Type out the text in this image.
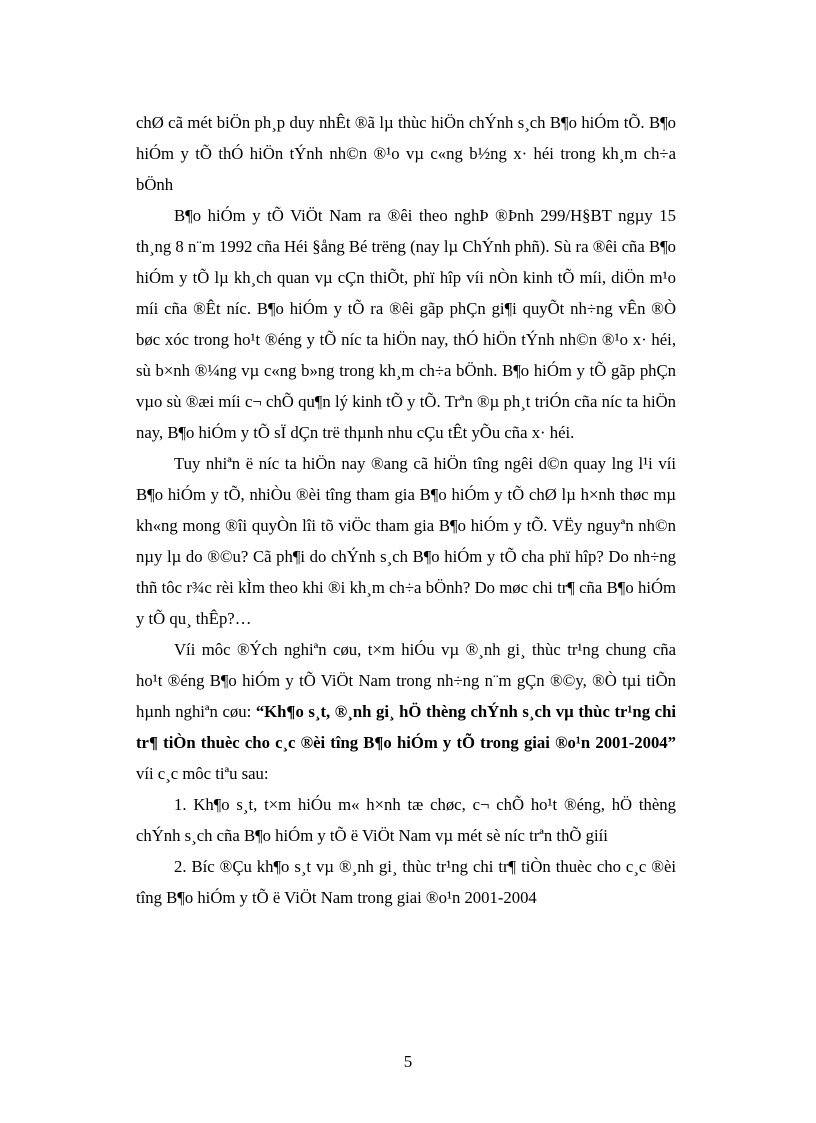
chØ cã mét biÖn ph¸p duy nhÊt ®ã lµ thùc hiÖn chÝnh s¸ch B¶o hiÓm tÕ. B¶o hiÓm y tÕ thÓ hiÖn tÝnh nh©n ®¹o vµ c«ng b½ng x· héi trong kh¸m ch÷a bÖnh

B¶o hiÓm y tÕ ViÖt Nam ra ®êi theo nghÞ ®Þnh 299/H§BT ngµy 15 th¸ng 8 n¨m 1992 cña Héi §ång Bé trëng (nay lµ ChÝnh phñ). Sù ra ®êi cña B¶o hiÓm y tÕ lµ kh¸ch quan vµ cÇn thiÕt, phï hîp víi nÒn kinh tÕ míi, diÖn m¹o míi cña ®Êt níc. B¶o hiÓm y tÕ ra ®êi gãp phÇn gi¶i quyÕt nh÷ng vÊn ®Ò bøc xóc trong ho¹t ®éng y tÕ níc ta hiÖn nay, thÓ hiÖn tÝnh nh©n ®¹o x· héi, sù b×nh ®¼ng vµ c«ng b»ng trong kh¸m ch÷a bÖnh. B¶o hiÓm y tÕ gãp phÇn vµo sù ®æi míi c¬ chÕ qu¶n lý kinh tÕ y tÕ. Trªn ®µ ph¸t triÓn cña níc ta hiÖn nay, B¶o hiÓm y tÕ sÏ dÇn trë thµnh nhu cÇu tÊt yÕu cña x· héi.

Tuy nhiªn ë níc ta hiÖn nay ®ang cã hiÖn tîng ngêi d©n quay lng l¹i víi B¶o hiÓm y tÕ, nhiÒu ®èi tîng tham gia B¶o hiÓm y tÕ chØ lµ h×nh thøc mµ kh«ng mong ®îi quyÒn lîi tõ viÖc tham gia B¶o hiÓm y tÕ. VËy nguyªn nh©n nµy lµ do ®©u? Cã ph¶i do chÝnh s¸ch B¶o hiÓm y tÕ cha phï hîp? Do nh÷ng thñ tôc r¾c rèi kÌm theo khi ®i kh¸m ch÷a bÖnh? Do møc chi tr¶ cña B¶o hiÓm y tÕ qu¸ thÊp?…

Víi môc ®Ých nghiªn cøu, t×m hiÓu vµ ®¸nh gi¸ thùc tr¹ng chung cña ho¹t ®éng B¶o hiÓm y tÕ ViÖt Nam trong nh÷ng n¨m gÇn ®©y, ®Ò tµi tiÕn hµnh nghiªn cøu: “Kh¶o s¸t, ®¸nh gi¸ hÖ thèng chÝnh s¸ch vµ thùc tr¹ng chi tr¶ tiÒn thuèc cho c¸c ®èi tîng B¶o hiÓm y tÕ trong giai ®o¹n 2001-2004” víi c¸c môc tiªu sau:

1. Kh¶o s¸t, t×m hiÓu m« h×nh tæ chøc, c¬ chÕ ho¹t ®éng, hÖ thèng chÝnh s¸ch cña B¶o hiÓm y tÕ ë ViÖt Nam vµ mét sè níc trªn thÕ giíi

2. Bíc ®Çu kh¶o s¸t vµ ®¸nh gi¸ thùc tr¹ng chi tr¶ tiÒn thuèc cho c¸c ®èi tîng B¶o hiÓm y tÕ ë ViÖt Nam trong giai ®o¹n 2001-2004

5
